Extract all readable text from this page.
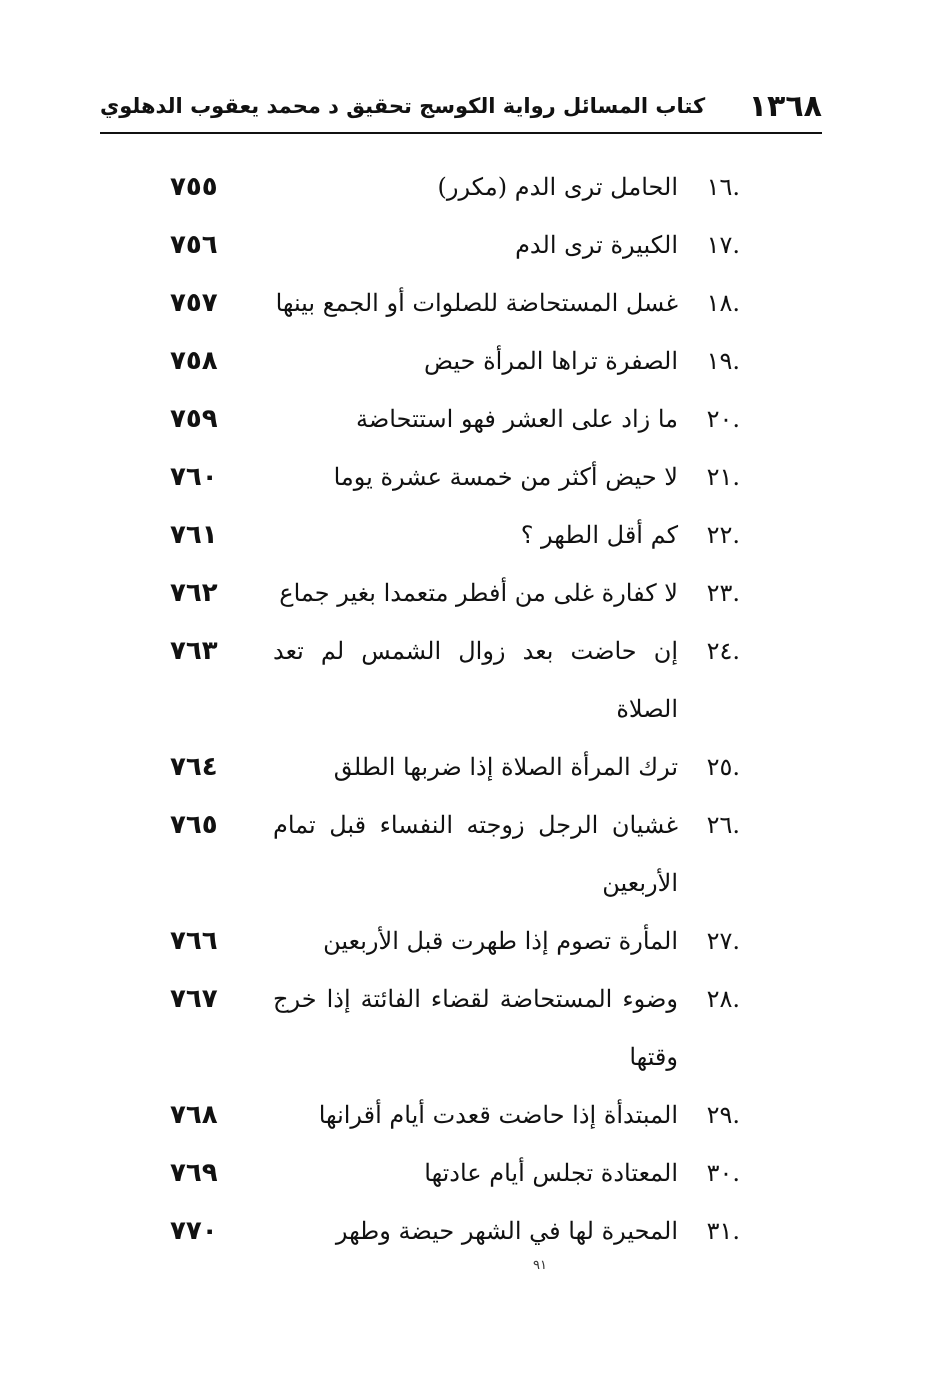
١٣٦٨
كتاب المسائل رواية الكوسج تحقيق د محمد يعقوب الدهلوي
.١٦
الحامل ترى الدم (مكرر)
٧٥٥
.١٧
الكبيرة ترى الدم
٧٥٦
.١٨
غسل المستحاضة للصلوات أو الجمع بينها
٧٥٧
.١٩
الصفرة تراها المرأة حيض
٧٥٨
.٢٠
ما زاد على العشر فهو استتحاضة
٧٥٩
.٢١
لا حيض أكثر من خمسة عشرة يوما
٧٦٠
.٢٢
كم أقل الطهر ؟
٧٦١
.٢٣
لا كفارة غلى من أفطر متعمدا بغير جماع
٧٦٢
.٢٤
إن حاضت بعد زوال الشمس لم تعد الصلاة
٧٦٣
.٢٥
ترك المرأة الصلاة إذا ضربها الطلق
٧٦٤
.٢٦
غشيان الرجل زوجته النفساء قبل تمام الأربعين
٧٦٥
.٢٧
المأرة تصوم إذا طهرت قبل الأربعين
٧٦٦
.٢٨
وضوء المستحاضة لقضاء الفائتة إذا خرج وقتها
٧٦٧
.٢٩
المبتدأة إذا حاضت قعدت أيام أقرانها
٧٦٨
.٣٠
المعتادة تجلس أيام عادتها
٧٦٩
.٣١
المحيرة لها في الشهر حيضة وطهر
٧٧٠
٩١
